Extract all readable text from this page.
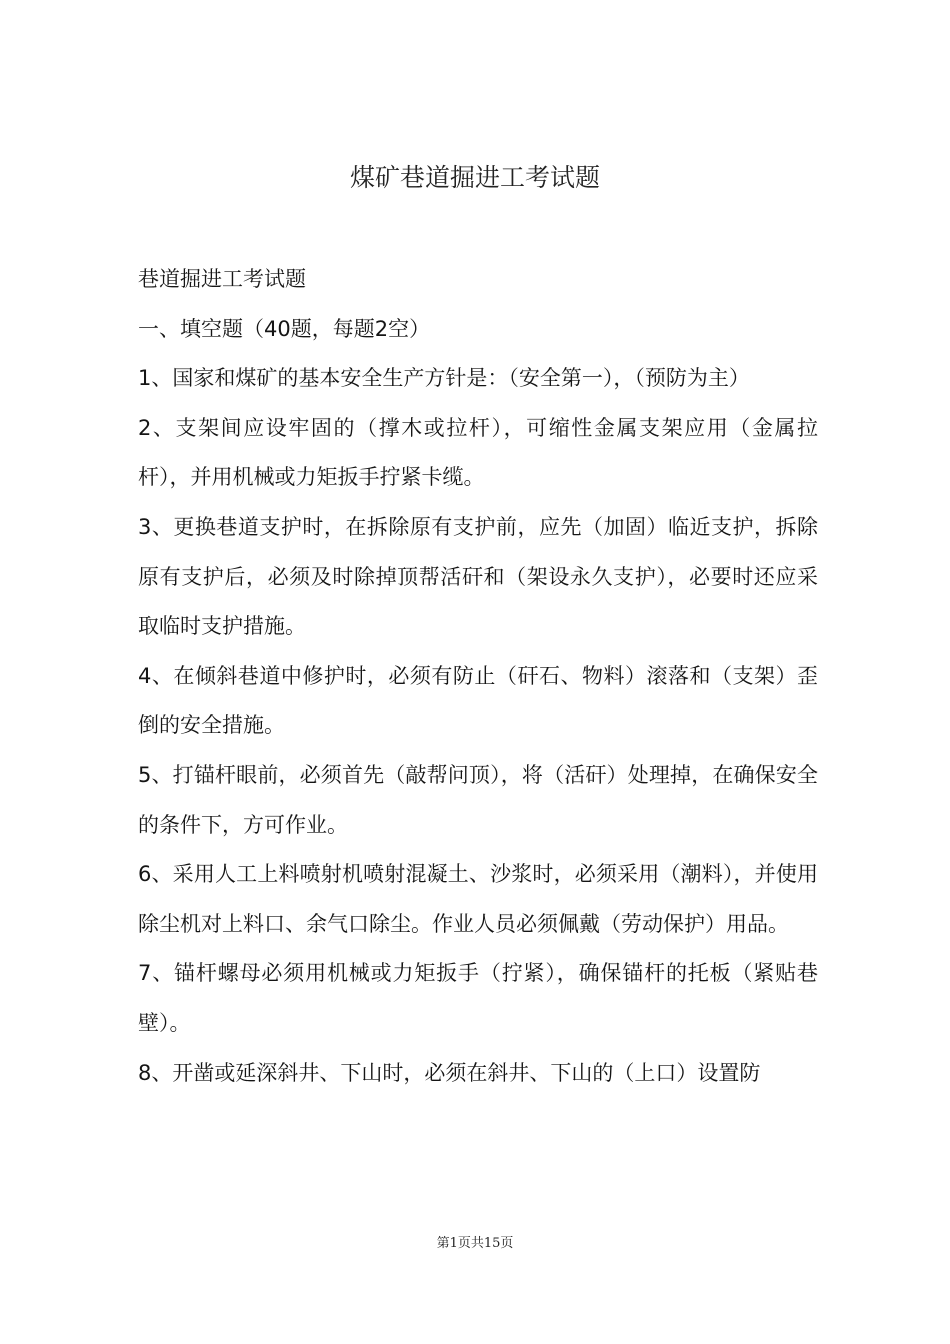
煤矿巷道掘进工考试题

巷道掘进工考试题

一、填空题（40题，每题2空）

1、国家和煤矿的基本安全生产方针是：（安全第一），（预防为主）

2、支架间应设牢固的（撑木或拉杆），可缩性金属支架应用（金属拉杆），并用机械或力矩扳手拧紧卡缆。

3、更换巷道支护时，在拆除原有支护前，应先（加固）临近支护，拆除原有支护后，必须及时除掉顶帮活矸和（架设永久支护），必要时还应采取临时支护措施。

4、在倾斜巷道中修护时，必须有防止（矸石、物料）滚落和（支架）歪倒的安全措施。

5、打锚杆眼前，必须首先（敲帮问顶），将（活矸）处理掉，在确保安全的条件下，方可作业。

6、采用人工上料喷射机喷射混凝土、沙浆时，必须采用（潮料），并使用除尘机对上料口、余气口除尘。作业人员必须佩戴（劳动保护）用品。

7、锚杆螺母必须用机械或力矩扳手（拧紧），确保锚杆的托板（紧贴巷壁）。

8、开凿或延深斜井、下山时，必须在斜井、下山的（上口）设置防

第1页共15页
